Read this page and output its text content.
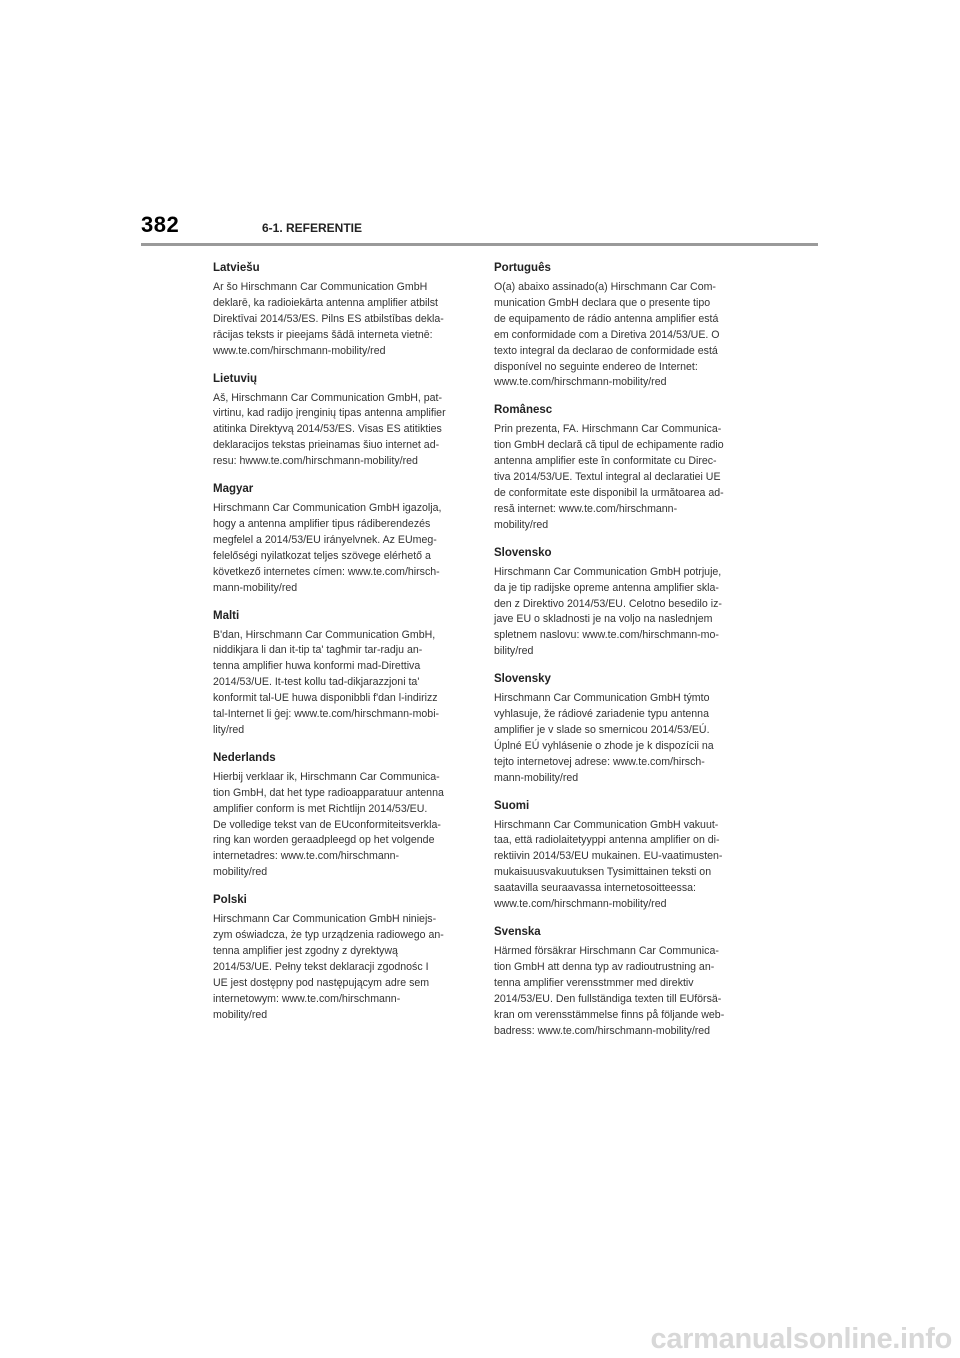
382	6-1. REFERENTIE
Latviešu

Ar šo Hirschmann Car Communication GmbH
deklarē, ka radioiekārta antenna amplifier atbilst
Direktīvai 2014/53/ES. Pilns ES atbilstības dekla-
rācijas teksts ir pieejams šādā interneta vietnē:
www.te.com/hirschmann-mobility/red

Lietuvių

Aš, Hirschmann Car Communication GmbH, pat-
virtinu, kad radijo įrenginių tipas antenna amplifier
atitinka Direktyvą 2014/53/ES. Visas ES atitikties
deklaracijos tekstas prieinamas šiuo internet ad-
resu: hwww.te.com/hirschmann-mobility/red

Magyar

Hirschmann Car Communication GmbH igazolja,
hogy a antenna amplifier tipus rádiberendezés
megfelel a 2014/53/EU irányelvnek. Az EUmeg-
felelőségi nyilatkozat teljes szövege elérhető a
következő internetes címen: www.te.com/hirsch-
mann-mobility/red

Malti

B'dan, Hirschmann Car Communication GmbH,
niddikjara li dan it-tip ta' tagħmir tar-radju an-
tenna amplifier huwa konformi mad-Direttiva
2014/53/UE. It-test kollu tad-dikjarazzjoni ta'
konformit tal-UE huwa disponibbli f'dan l-indirizz
tal-Internet li ġej: www.te.com/hirschmann-mobi-
lity/red

Nederlands

Hierbij verklaar ik, Hirschmann Car Communica-
tion GmbH, dat het type radioapparatuur antenna
amplifier conform is met Richtlijn 2014/53/EU.
De volledige tekst van de EUconformiteitsverkla-
ring kan worden geraadpleegd op het volgende
internetadres: www.te.com/hirschmann-
mobility/red

Polski

Hirschmann Car Communication GmbH niniejs-
zym oświadcza, że typ urządzenia radiowego an-
tenna amplifier jest zgodny z dyrektywą
2014/53/UE. Pełny tekst deklaracji zgodnośc I
UE jest dostępny pod następującym adre sem
internetowym: www.te.com/hirschmann-
mobility/red

Português

O(a) abaixo assinado(a) Hirschmann Car Com-
munication GmbH declara que o presente tipo
de equipamento de rádio antenna amplifier está
em conformidade com a Diretiva 2014/53/UE. O
texto integral da declarao de conformidade está
disponível no seguinte endereo de Internet:
www.te.com/hirschmann-mobility/red

Românesc

Prin prezenta, FA. Hirschmann Car Communica-
tion GmbH declară că tipul de echipamente radio
antenna amplifier este în conformitate cu Direc-
tiva 2014/53/UE. Textul integral al declaratiei UE
de conformitate este disponibil la următoarea ad-
resă internet: www.te.com/hirschmann-
mobility/red

Slovensko

Hirschmann Car Communication GmbH potrjuje,
da je tip radijske opreme antenna amplifier skla-
den z Direktivo 2014/53/EU. Celotno besedilo iz-
jave EU o skladnosti je na voljo na naslednjem
spletnem naslovu: www.te.com/hirschmann-mo-
bility/red

Slovensky

Hirschmann Car Communication GmbH týmto
vyhlasuje, že rádiové zariadenie typu antenna
amplifier je v slade so smernicou 2014/53/EÚ.
Úplné EÚ vyhlásenie o zhode je k dispozícii na
tejto internetovej adrese: www.te.com/hirsch-
mann-mobility/red

Suomi

Hirschmann Car Communication GmbH vakuut-
taa, että radiolaitetyyppi antenna amplifier on di-
rektiivin 2014/53/EU mukainen. EU-vaatimusten-
mukaisuusvakuutuksen Tysimittainen teksti on
saatavilla seuraavassa internetosoitteessa:
www.te.com/hirschmann-mobility/red

Svenska

Härmed försäkrar Hirschmann Car Communica-
tion GmbH att denna typ av radioutrustning an-
tenna amplifier verensstmmer med direktiv
2014/53/EU. Den fullständiga texten till EUförsä-
kran om verensstämmelse finns på följande web-
badress: www.te.com/hirschmann-mobility/red

carmanualsonline.info
